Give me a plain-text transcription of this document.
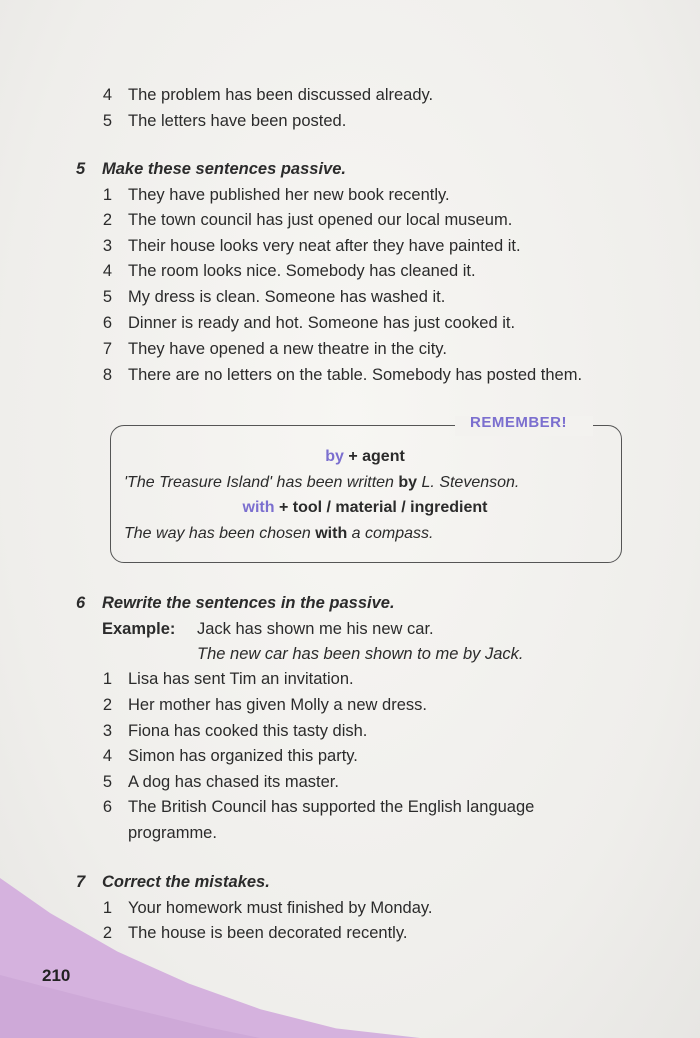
4 The problem has been discussed already.
5 The letters have been posted.
5 Make these sentences passive.
1 They have published her new book recently.
2 The town council has just opened our local museum.
3 Their house looks very neat after they have painted it.
4 The room looks nice. Somebody has cleaned it.
5 My dress is clean. Someone has washed it.
6 Dinner is ready and hot. Someone has just cooked it.
7 They have opened a new theatre in the city.
8 There are no letters on the table. Somebody has posted them.
REMEMBER!
by + agent
'The Treasure Island' has been written by L. Stevenson.
with + tool / material / ingredient
The way has been chosen with a compass.
6 Rewrite the sentences in the passive.
Example: Jack has shown me his new car.
The new car has been shown to me by Jack.
1 Lisa has sent Tim an invitation.
2 Her mother has given Molly a new dress.
3 Fiona has cooked this tasty dish.
4 Simon has organized this party.
5 A dog has chased its master.
6 The British Council has supported the English language
programme.
7 Correct the mistakes.
1 Your homework must finished by Monday.
2 The house is been decorated recently.
210
